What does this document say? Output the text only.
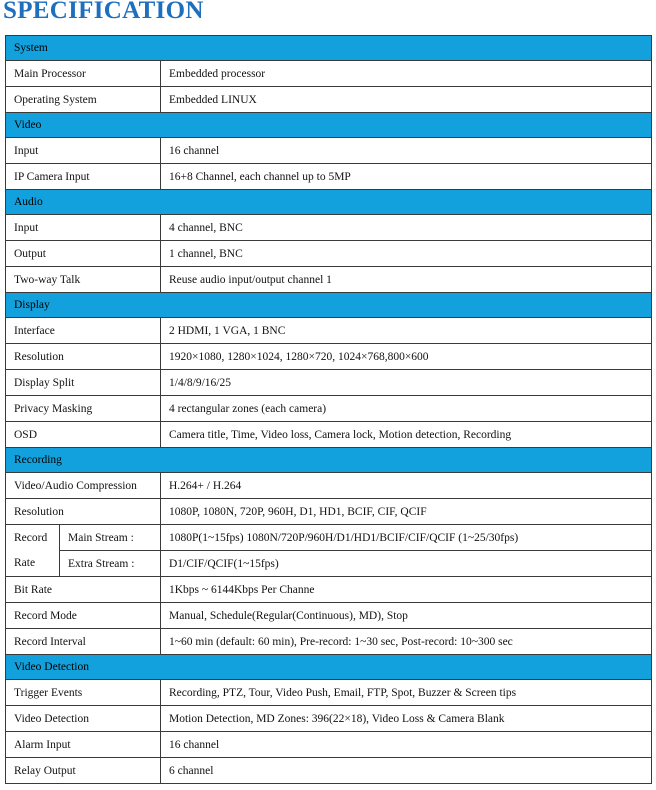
SPECIFICATION
System		
Main Processor		Embedded processor
Operating System		Embedded LINUX
Video		
Input		16 channel
IP Camera Input		16+8 Channel, each channel up to 5MP
Audio		
Input		4 channel, BNC
Output		1 channel, BNC
Two-way Talk		Reuse audio input/output channel 1
Display		
Interface		2 HDMI, 1 VGA, 1 BNC
Resolution		1920×1080, 1280×1024, 1280×720, 1024×768,800×600
Display Split		1/4/8/9/16/25
Privacy Masking		4 rectangular zones (each camera)
OSD		Camera title, Time, Video loss, Camera lock, Motion detection, Recording
Recording		
Video/Audio Compression		H.264+ / H.264
Resolution		1080P, 1080N, 720P, 960H, D1, HD1, BCIF, CIF, QCIF
Record
Rate	Main Stream :	1080P(1~15fps) 1080N/720P/960H/D1/HD1/BCIF/CIF/QCIF (1~25/30fps)
	Extra Stream :	D1/CIF/QCIF(1~15fps)
Bit Rate		1Kbps ~ 6144Kbps Per Channe
Record Mode		Manual, Schedule(Regular(Continuous), MD), Stop
Record Interval		1~60 min (default: 60 min), Pre-record: 1~30 sec, Post-record: 10~300 sec
Video Detection		
Trigger Events		Recording, PTZ, Tour, Video Push, Email, FTP, Spot, Buzzer & Screen tips
Video Detection		Motion Detection, MD Zones: 396(22×18), Video Loss & Camera Blank
Alarm Input		16 channel
Relay Output		6 channel
